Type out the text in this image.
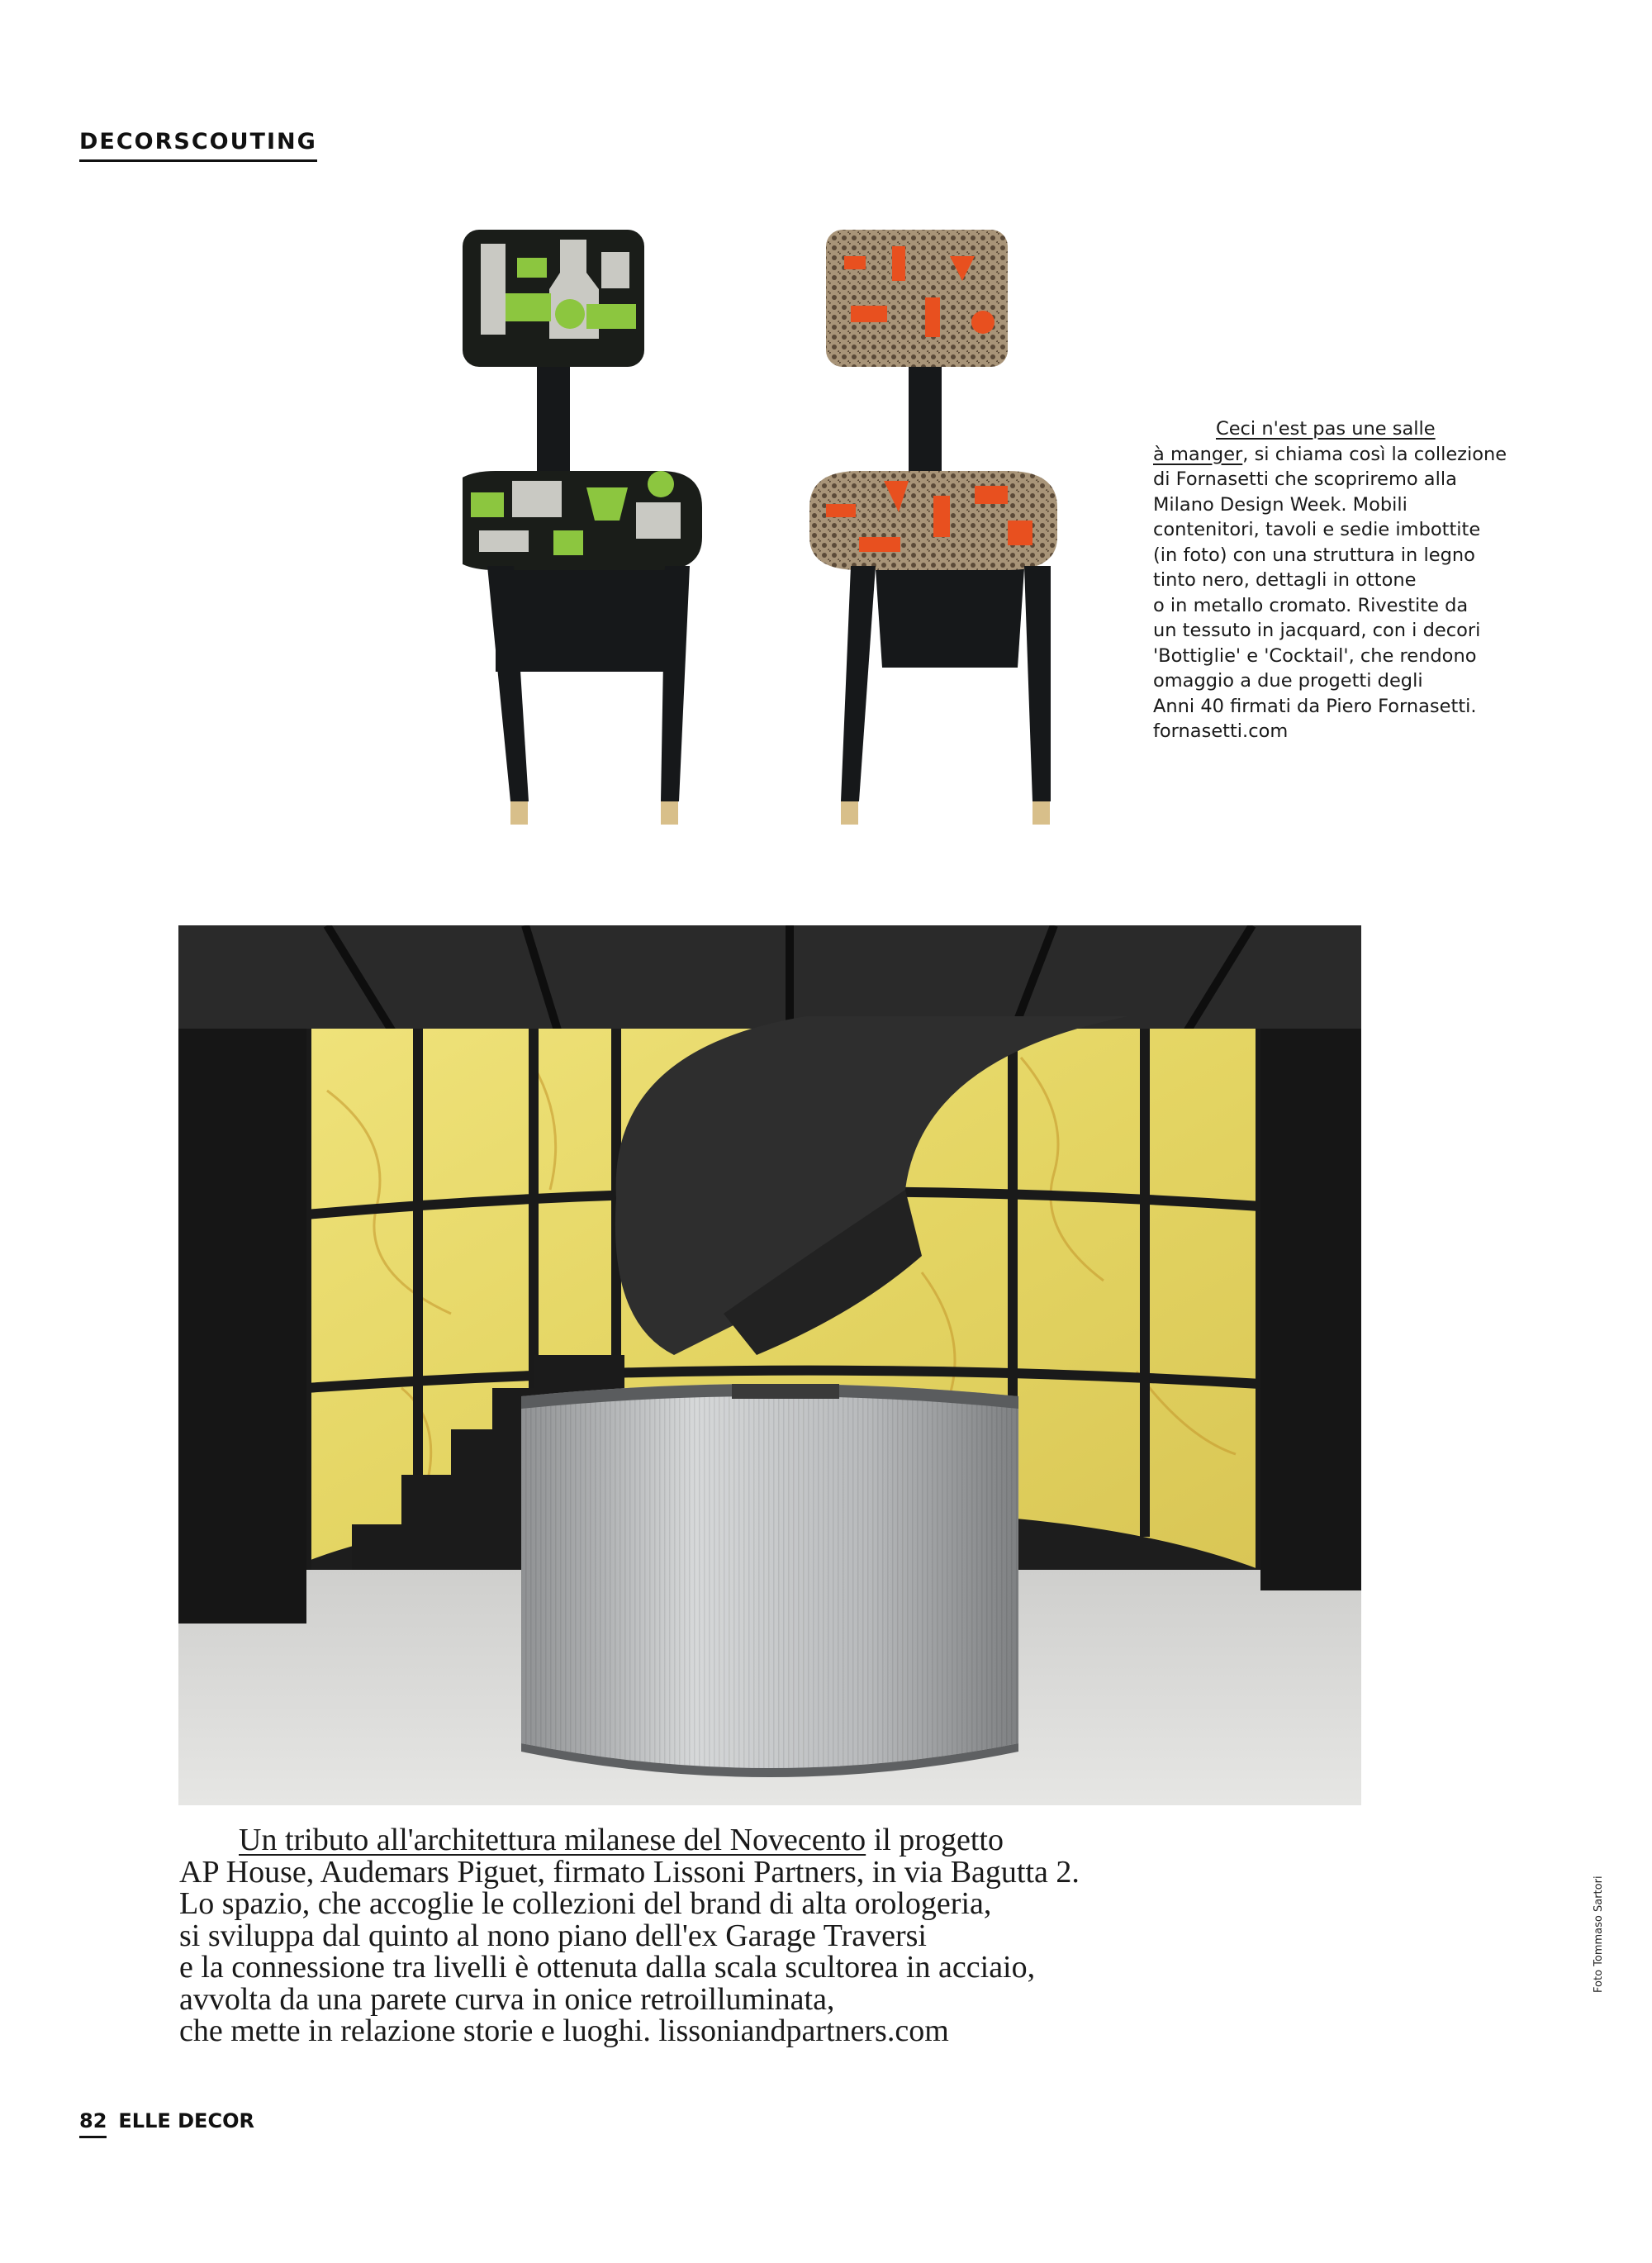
DECORSCOUTING
Ceci n'est pas une salle
à manger, si chiama così la collezione
di Fornasetti che scopriremo alla
Milano Design Week. Mobili
contenitori, tavoli e sedie imbottite
(in foto) con una struttura in legno
tinto nero, dettagli in ottone
o in metallo cromato. Rivestite da
un tessuto in jacquard, con i decori
'Bottiglie' e 'Cocktail', che rendono
omaggio a due progetti degli
Anni 40 firmati da Piero Fornasetti.
fornasetti.com
Un tributo all'architettura milanese del Novecento il progetto
AP House, Audemars Piguet, firmato Lissoni Partners, in via Bagutta 2.
Lo spazio, che accoglie le collezioni del brand di alta orologeria,
si sviluppa dal quinto al nono piano dell'ex Garage Traversi
e la connessione tra livelli è ottenuta dalla scala scultorea in acciaio,
avvolta da una parete curva in onice retroilluminata,
che mette in relazione storie e luoghi. lissoniandpartners.com
Foto Tommaso Sartori
82 ELLE DECOR
